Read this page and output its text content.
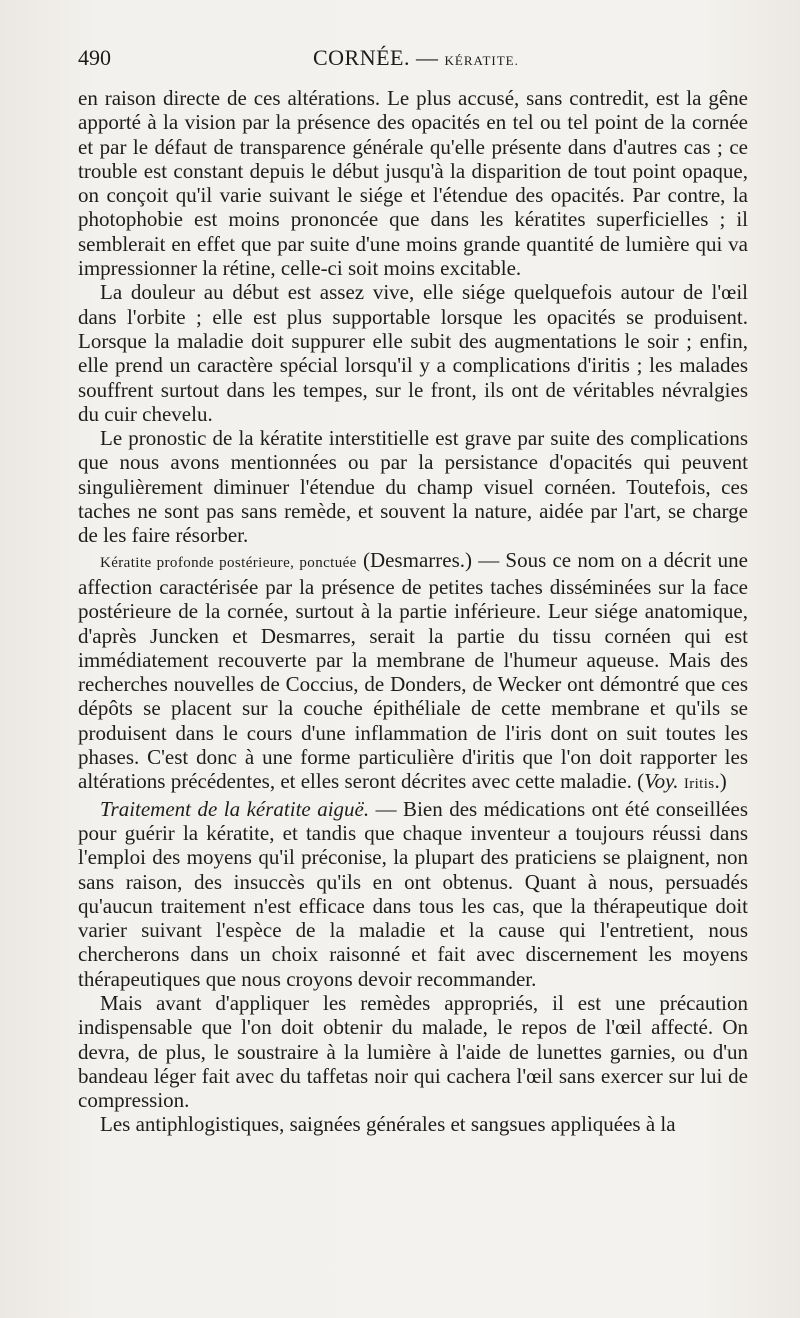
490	CORNÉE. — KÉRATITE.

en raison directe de ces altérations. Le plus accusé, sans contredit, est la gêne apporté à la vision par la présence des opacités en tel ou tel point de la cornée et par le défaut de transparence générale qu'elle présente dans d'autres cas ; ce trouble est constant depuis le début jusqu'à la disparition de tout point opaque, on conçoit qu'il varie suivant le siége et l'étendue des opacités. Par contre, la photophobie est moins prononcée que dans les kératites superficielles ; il semblerait en effet que par suite d'une moins grande quantité de lumière qui va impressionner la rétine, celle-ci soit moins excitable.

La douleur au début est assez vive, elle siége quelquefois autour de l'œil dans l'orbite ; elle est plus supportable lorsque les opacités se produisent. Lorsque la maladie doit suppurer elle subit des augmentations le soir ; enfin, elle prend un caractère spécial lorsqu'il y a complications d'iritis ; les malades souffrent surtout dans les tempes, sur le front, ils ont de véritables névralgies du cuir chevelu.

Le pronostic de la kératite interstitielle est grave par suite des complications que nous avons mentionnées ou par la persistance d'opacités qui peuvent singulièrement diminuer l'étendue du champ visuel cornéen. Toutefois, ces taches ne sont pas sans remède, et souvent la nature, aidée par l'art, se charge de les faire résorber.

Kératite profonde postérieure, ponctuée (Desmarres.) — Sous ce nom on a décrit une affection caractérisée par la présence de petites taches disséminées sur la face postérieure de la cornée, surtout à la partie inférieure. Leur siége anatomique, d'après Juncken et Desmarres, serait la partie du tissu cornéen qui est immédiatement recouverte par la membrane de l'humeur aqueuse. Mais des recherches nouvelles de Coccius, de Donders, de Wecker ont démontré que ces dépôts se placent sur la couche épithéliale de cette membrane et qu'ils se produisent dans le cours d'une inflammation de l'iris dont on suit toutes les phases. C'est donc à une forme particulière d'iritis que l'on doit rapporter les altérations précédentes, et elles seront décrites avec cette maladie. (Voy. Iritis.)

Traitement de la kératite aiguë. — Bien des médications ont été conseillées pour guérir la kératite, et tandis que chaque inventeur a toujours réussi dans l'emploi des moyens qu'il préconise, la plupart des praticiens se plaignent, non sans raison, des insuccès qu'ils en ont obtenus. Quant à nous, persuadés qu'aucun traitement n'est efficace dans tous les cas, que la thérapeutique doit varier suivant l'espèce de la maladie et la cause qui l'entretient, nous chercherons dans un choix raisonné et fait avec discernement les moyens thérapeutiques que nous croyons devoir recommander.

Mais avant d'appliquer les remèdes appropriés, il est une précaution indispensable que l'on doit obtenir du malade, le repos de l'œil affecté. On devra, de plus, le soustraire à la lumière à l'aide de lunettes garnies, ou d'un bandeau léger fait avec du taffetas noir qui cachera l'œil sans exercer sur lui de compression.

Les antiphlogistiques, saignées générales et sangsues appliquées à la
